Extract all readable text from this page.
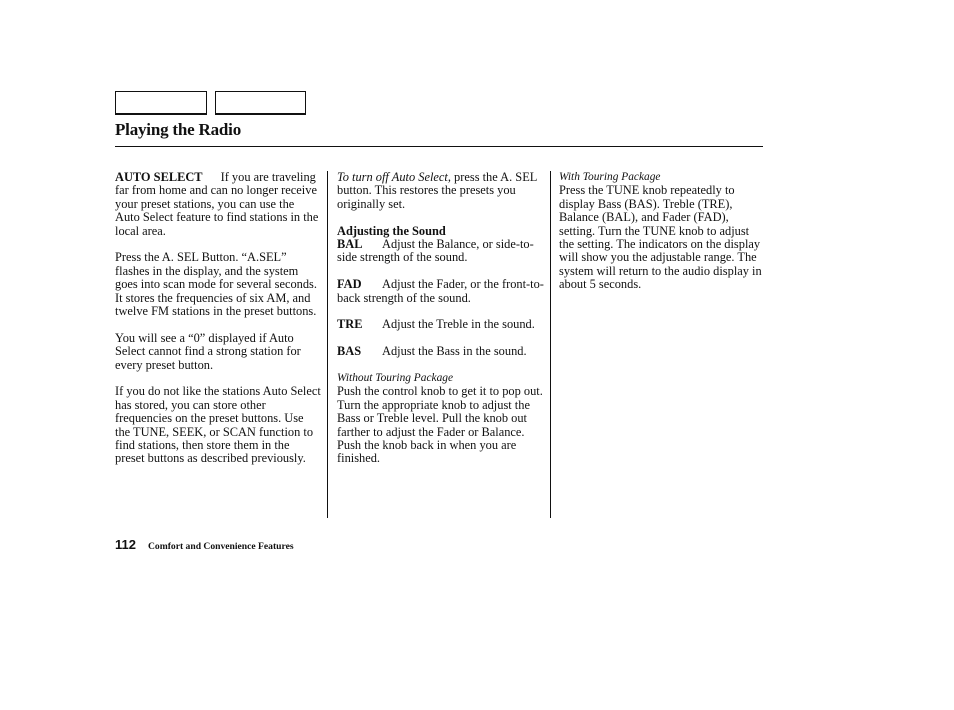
Playing the Radio

AUTO SELECT If you are traveling far from home and can no longer receive your preset stations, you can use the Auto Select feature to find stations in the local area.

Press the A. SEL Button. “A.SEL” flashes in the display, and the system goes into scan mode for several seconds. It stores the frequencies of six AM, and twelve FM stations in the preset buttons.

You will see a “0” displayed if Auto Select cannot find a strong station for every preset button.

If you do not like the stations Auto Select has stored, you can store other frequencies on the preset buttons. Use the TUNE, SEEK, or SCAN function to find stations, then store them in the preset buttons as described previously.

To turn off Auto Select, press the A. SEL button. This restores the presets you originally set.

Adjusting the Sound

BAL Adjust the Balance, or side-to-side strength of the sound.

FAD Adjust the Fader, or the front-to-back strength of the sound.

TRE Adjust the Treble in the sound.

BAS Adjust the Bass in the sound.

Without Touring Package
Push the control knob to get it to pop out. Turn the appropriate knob to adjust the Bass or Treble level. Pull the knob out farther to adjust the Fader or Balance. Push the knob back in when you are finished.

With Touring Package
Press the TUNE knob repeatedly to display Bass (BAS). Treble (TRE), Balance (BAL), and Fader (FAD), setting. Turn the TUNE knob to adjust the setting. The indicators on the display will show you the adjustable range. The system will return to the audio display in about 5 seconds.

112 Comfort and Convenience Features
